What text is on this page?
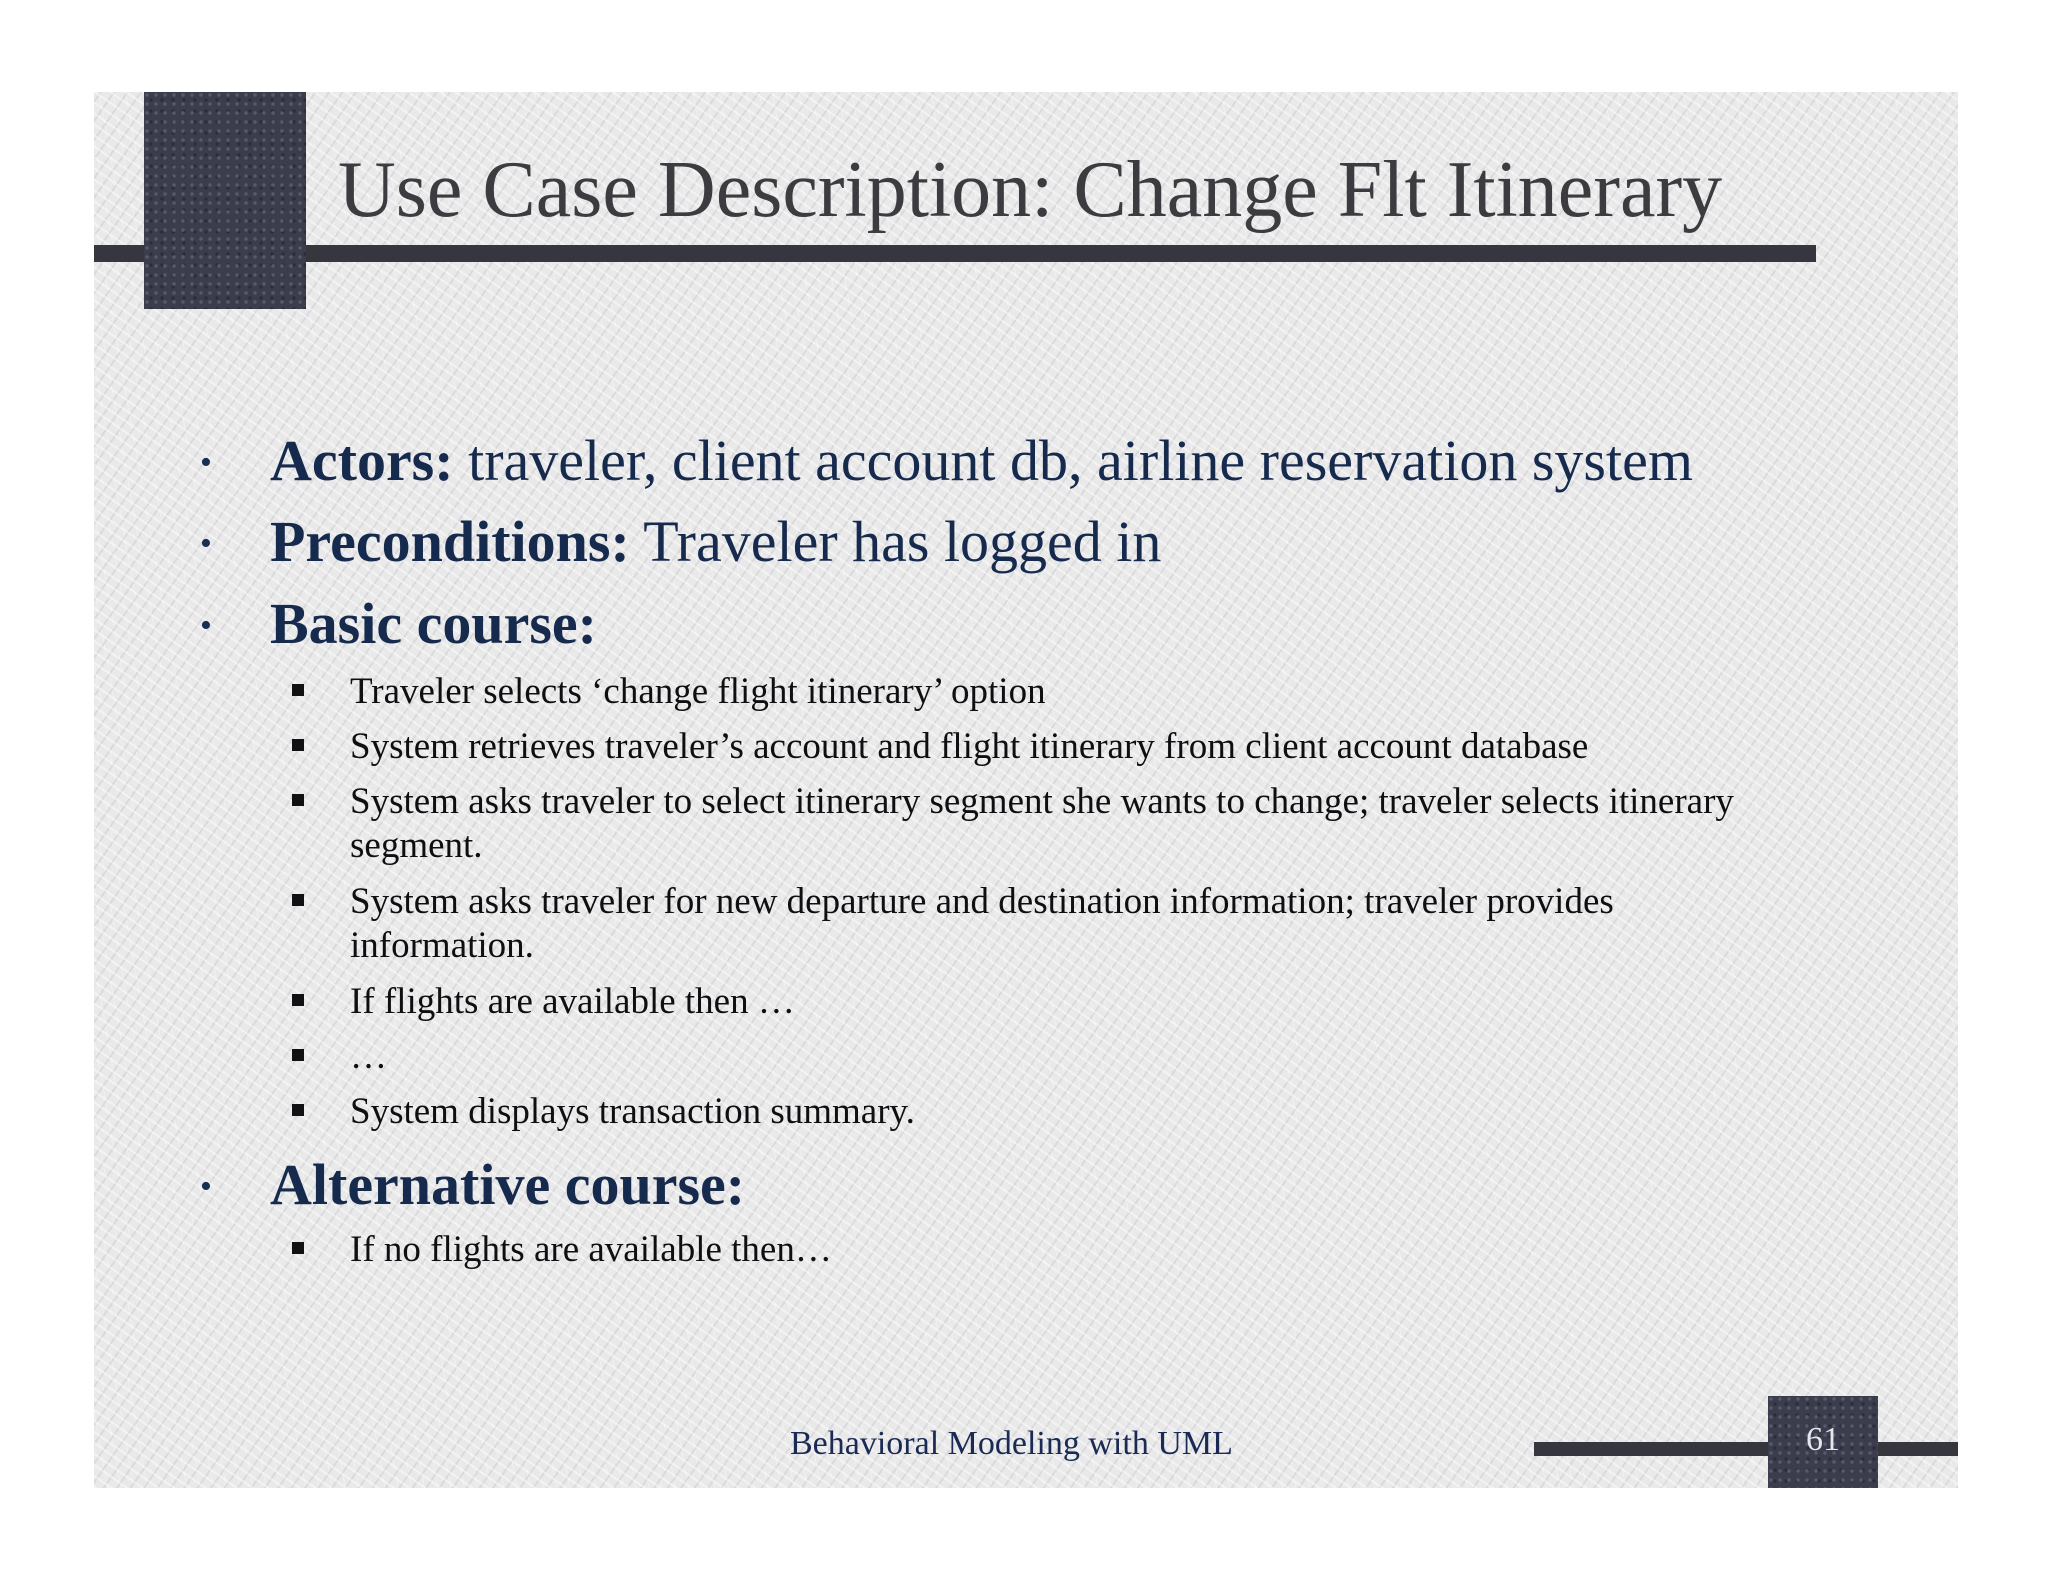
Use Case Description: Change Flt Itinerary
•	Actors: traveler, client account db, airline reservation system
•	Preconditions: Traveler has logged in
•	Basic course:
Traveler selects ‘change flight itinerary’ option
System retrieves traveler’s account and flight itinerary from client account database
System asks traveler to select itinerary segment she wants to change; traveler selects itinerary segment.
System asks traveler for new departure and destination information; traveler provides information.
If flights are available then …
…
System displays transaction summary.
•	Alternative course:
If no flights are available then…
Behavioral Modeling with UML	61
